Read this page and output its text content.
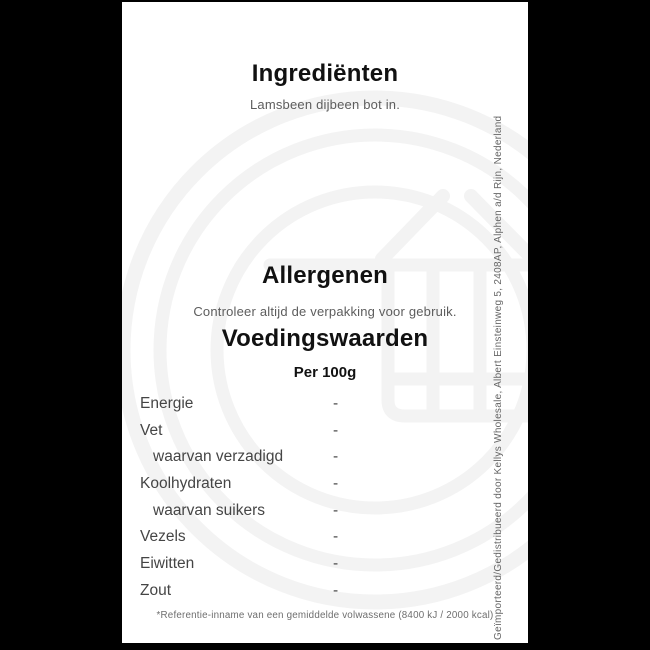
Ingrediënten
Lamsbeen dijbeen bot in.
Allergenen
Controleer altijd de verpakking voor gebruik.
Voedingswaarden
Per 100g
Energie	-
Vet	-
waarvan verzadigd	-
Koolhydraten	-
waarvan suikers	-
Vezels	-
Eiwitten	-
Zout	-
*Referentie-inname van een gemiddelde volwassene (8400 kJ / 2000 kcal) Geïmporteerd/Gedistribueerd door Kellys Wholesale, Albert Einsteinweg 5, 2408AP, Alphen a/d Rijn, Nederland
